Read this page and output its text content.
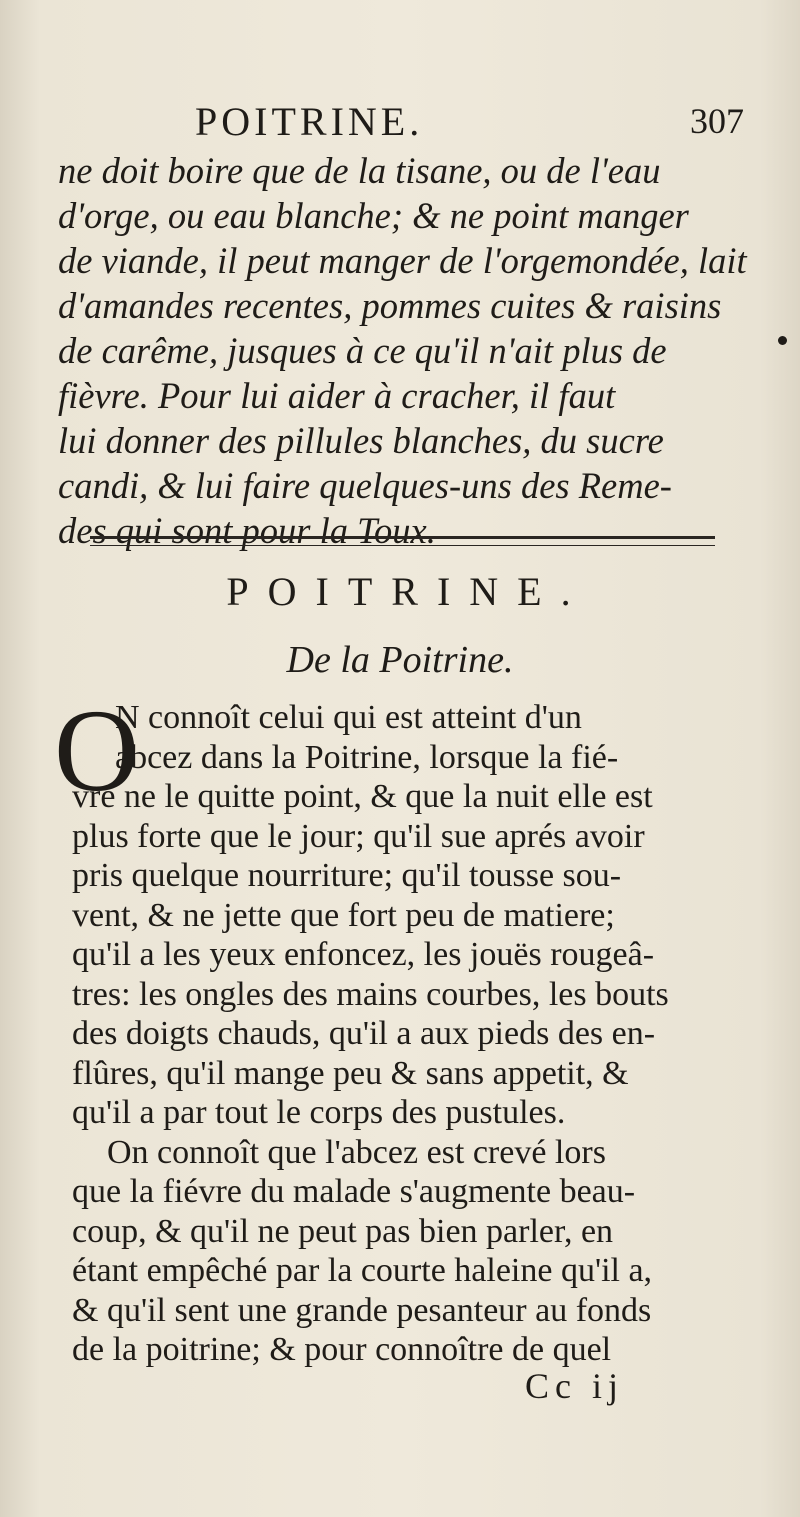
POITRINE.	307
ne doit boire que de la tisane, ou de l'eau
d'orge, ou eau blanche; & ne point manger
de viande, il peut manger de l'orgemondée, lait
d'amandes recentes, pommes cuites & raisins
de carême, jusques à ce qu'il n'ait plus de
fièvre. Pour lui aider à cracher, il faut
lui donner des pillules blanches, du sucre
candi, & lui faire quelques-uns des Reme-
des qui sont pour la Toux.
POITRINE.
De la Poitrine.
O
N connoît celui qui est atteint d'un
abcez dans la Poitrine, lorsque la fié-
vre ne le quitte point, & que la nuit elle est
plus forte que le jour; qu'il sue aprés avoir
pris quelque nourriture; qu'il tousse sou-
vent, & ne jette que fort peu de matiere;
qu'il a les yeux enfoncez, les jouës rougeâ-
tres: les ongles des mains courbes, les bouts
des doigts chauds, qu'il a aux pieds des en-
flûres, qu'il mange peu & sans appetit, &
qu'il a par tout le corps des pustules.
On connoît que l'abcez est crevé lors
que la fiévre du malade s'augmente beau-
coup, & qu'il ne peut pas bien parler, en
étant empêché par la courte haleine qu'il a,
& qu'il sent une grande pesanteur au fonds
de la poitrine; & pour connoître de quel
Cc ij
